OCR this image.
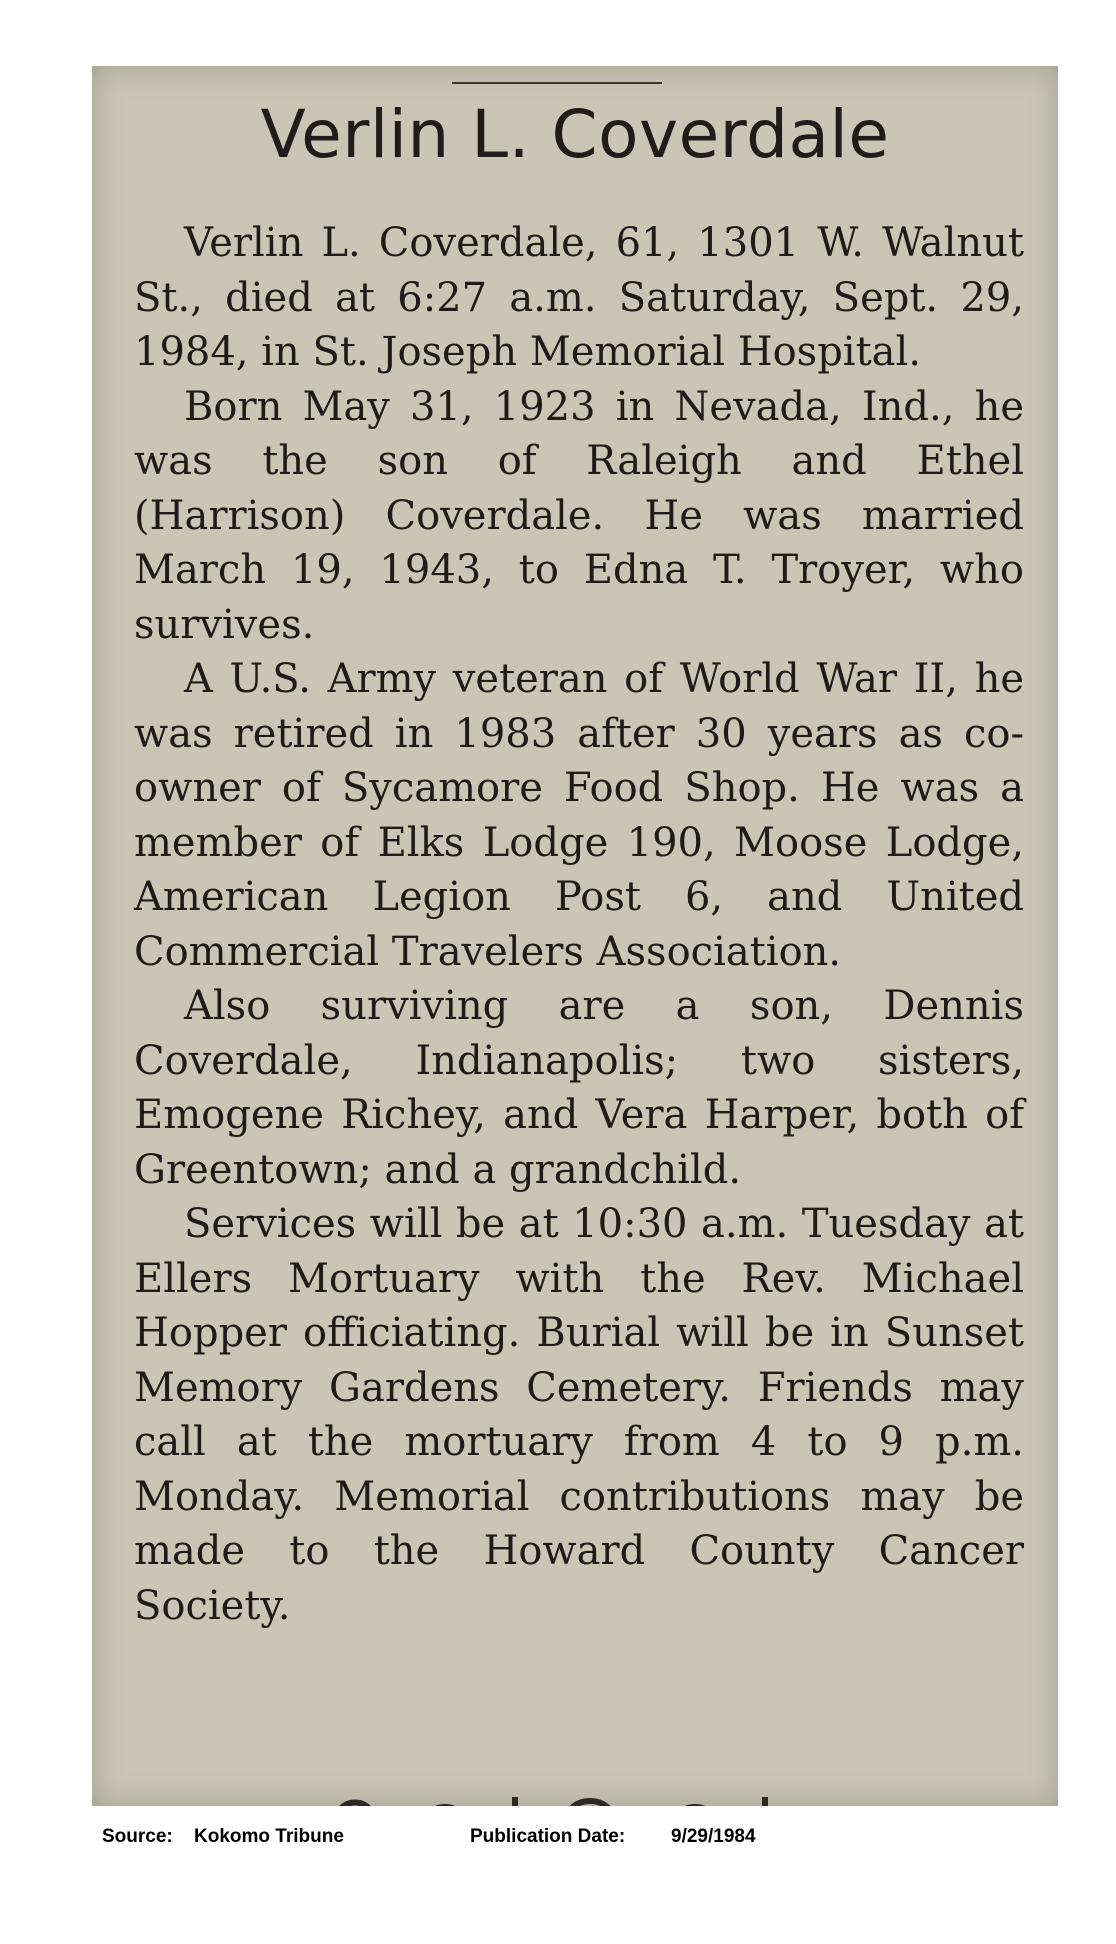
Verlin L. Coverdale

Verlin L. Coverdale, 61, 1301 W. Walnut St., died at 6:27 a.m. Saturday, Sept. 29, 1984, in St. Joseph Memorial Hospital.

Born May 31, 1923 in Nevada, Ind., he was the son of Raleigh and Ethel (Harrison) Coverdale. He was married March 19, 1943, to Edna T. Troyer, who survives.

A U.S. Army veteran of World War II, he was retired in 1983 after 30 years as co-owner of Sycamore Food Shop. He was a member of Elks Lodge 190, Moose Lodge, American Legion Post 6, and United Commercial Travelers Association.

Also surviving are a son, Dennis Coverdale, Indianapolis; two sisters, Emogene Richey, and Vera Harper, both of Greentown; and a grandchild.

Services will be at 10:30 a.m. Tuesday at Ellers Mortuary with the Rev. Michael Hopper officiating. Burial will be in Sunset Memory Gardens Cemetery. Friends may call at the mortuary from 4 to 9 p.m. Monday. Memorial contributions may be made to the Howard County Cancer Society.

Source: Kokomo Tribune	Publication Date: 9/29/1984
